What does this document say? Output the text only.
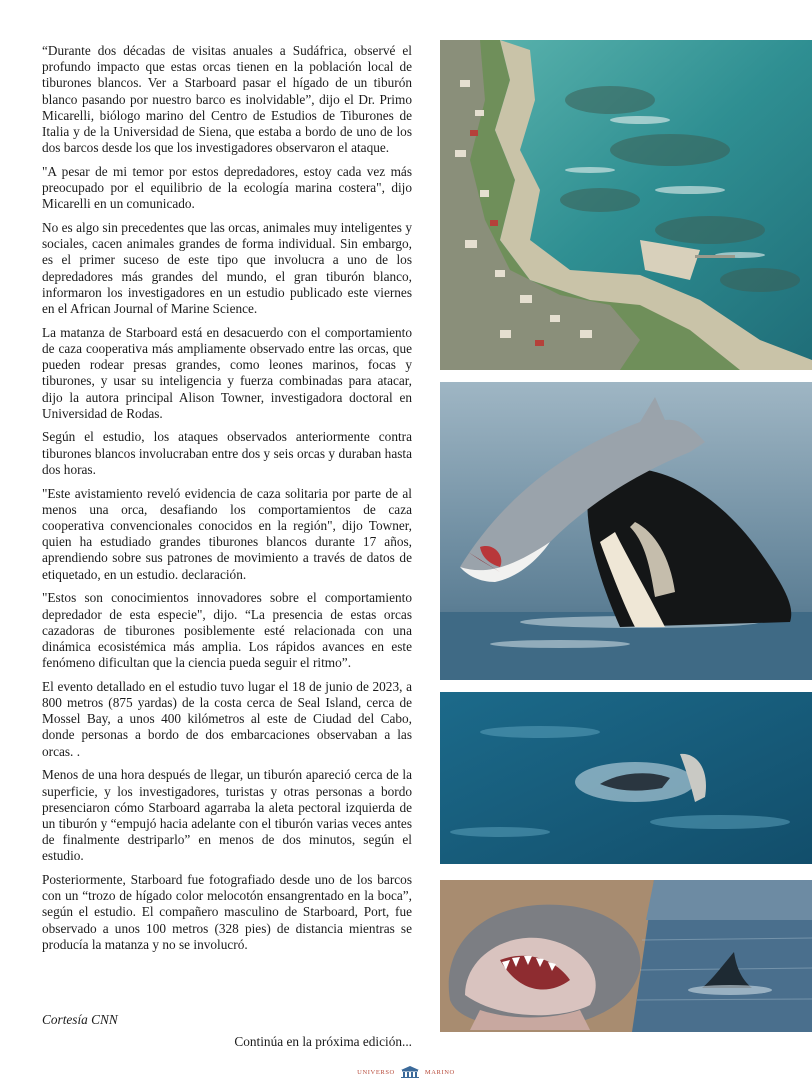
“Durante dos décadas de visitas anuales a Sudáfrica, observé el profundo impacto que estas orcas tienen en la población local de tiburones blancos. Ver a Starboard pasar el hígado de un tiburón blanco pasando por nuestro barco es inolvidable”, dijo el Dr. Primo Micarelli, biólogo marino del Centro de Estudios de Tiburones de Italia y de la Universidad de Siena, que estaba a bordo de uno de los dos barcos desde los que los investigadores observaron el ataque.

"A pesar de mi temor por estos depredadores, estoy cada vez más preocupado por el equilibrio de la ecología marina costera", dijo Micarelli en un comunicado.

No es algo sin precedentes que las orcas, animales muy inteligentes y sociales, cacen animales grandes de forma individual. Sin embargo, es el primer suceso de este tipo que involucra a uno de los depredadores más grandes del mundo, el gran tiburón blanco, informaron los investigadores en un estudio publicado este viernes en el African Journal of Marine Science.

La matanza de Starboard está en desacuerdo con el comportamiento de caza cooperativa más ampliamente observado entre las orcas, que pueden rodear presas grandes, como leones marinos, focas y tiburones, y usar su inteligencia y fuerza combinadas para atacar, dijo la autora principal Alison Towner, investigadora doctoral en Universidad de Rodas.

Según el estudio, los ataques observados anteriormente contra tiburones blancos involucraban entre dos y seis orcas y duraban hasta dos horas.

"Este avistamiento reveló evidencia de caza solitaria por parte de al menos una orca, desafiando los comportamientos de caza cooperativa convencionales conocidos en la región", dijo Towner, quien ha estudiado grandes tiburones blancos durante 17 años, aprendiendo sobre sus patrones de movimiento a través de datos de etiquetado, en un estudio. declaración.

"Estos son conocimientos innovadores sobre el comportamiento depredador de esta especie", dijo. “La presencia de estas orcas cazadoras de tiburones posiblemente esté relacionada con una dinámica ecosistémica más amplia. Los rápidos avances en este fenómeno dificultan que la ciencia pueda seguir el ritmo”.

El evento detallado en el estudio tuvo lugar el 18 de junio de 2023, a 800 metros (875 yardas) de la costa cerca de Seal Island, cerca de Mossel Bay, a unos 400 kilómetros al este de Ciudad del Cabo, donde personas a bordo de dos embarcaciones observaban a las orcas. .

Menos de una hora después de llegar, un tiburón apareció cerca de la superficie, y los investigadores, turistas y otras personas a bordo presenciaron cómo Starboard agarraba la aleta pectoral izquierda de un tiburón y “empujó hacia adelante con el tiburón varias veces antes de finalmente destriparlo” en menos de dos minutos, según el estudio.

Posteriormente, Starboard fue fotografiado desde uno de los barcos con un “trozo de hígado color melocotón ensangrentado en la boca”, según el estudio. El compañero masculino de Starboard, Port, fue observado a unos 100 metros (328 pies) de distancia mientras se producía la matanza y no se involucró.

Cortesía CNN
Continúa en la próxima edición...
UNIVERSO	MARINO
